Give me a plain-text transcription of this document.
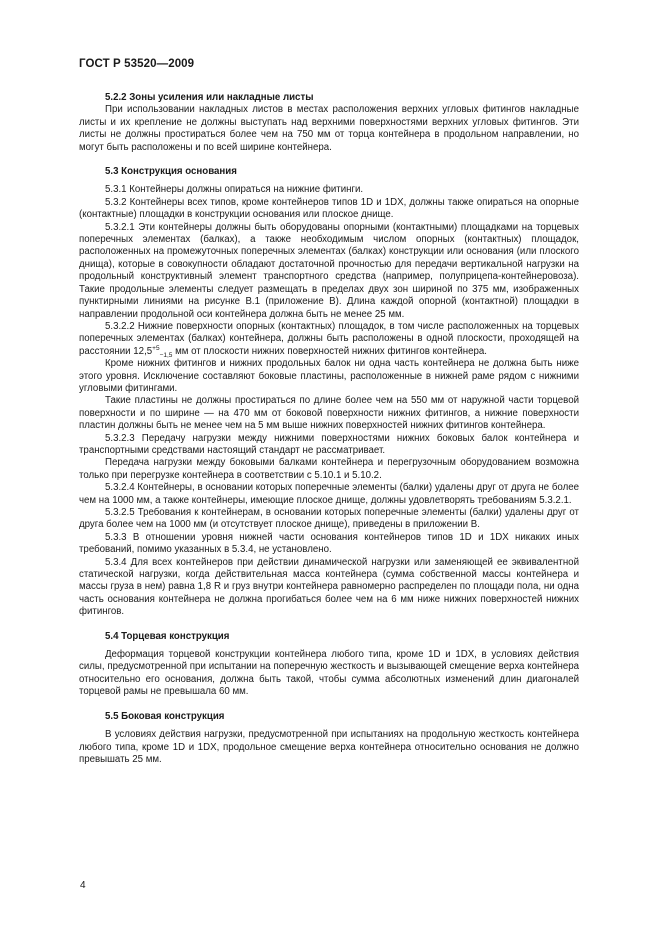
ГОСТ Р 53520—2009

5.2.2 Зоны усиления или накладные листы

При использовании накладных листов в местах расположения верхних угловых фитингов накладные листы и их крепление не должны выступать над верхними поверхностями верхних угловых фитингов. Эти листы не должны простираться более чем на 750 мм от торца контейнера в продольном направлении, но могут быть расположены и по всей ширине контейнера.

5.3 Конструкция основания

5.3.1 Контейнеры должны опираться на нижние фитинги.

5.3.2 Контейнеры всех типов, кроме контейнеров типов 1D и 1DX, должны также опираться на опорные (контактные) площадки в конструкции основания или плоское днище.

5.3.2.1 Эти контейнеры должны быть оборудованы опорными (контактными) площадками на торцевых поперечных элементах (балках), а также необходимым числом опорных (контактных) площадок, расположенных на промежуточных поперечных элементах (балках) конструкции или основания (или плоского днища), которые в совокупности обладают достаточной прочностью для передачи вертикальной нагрузки на продольный конструктивный элемент транспортного средства (например, полуприцепа-контейнеровоза). Такие продольные элементы следует размещать в пределах двух зон шириной по 375 мм, изображенных пунктирными линиями на рисунке В.1 (приложение В). Длина каждой опорной (контактной) площадки в направлении продольной оси контейнера должна быть не менее 25 мм.

5.3.2.2 Нижние поверхности опорных (контактных) площадок, в том числе расположенных на торцевых поперечных элементах (балках) контейнера, должны быть расположены в одной плоскости, проходящей на расстоянии $12,5^{+5}_{-1,5}$ мм от плоскости нижних поверхностей нижних фитингов контейнера.

Кроме нижних фитингов и нижних продольных балок ни одна часть контейнера не должна быть ниже этого уровня. Исключение составляют боковые пластины, расположенные в нижней раме рядом с нижними угловыми фитингами.

Такие пластины не должны простираться по длине более чем на 550 мм от наружной части торцевой поверхности и по ширине — на 470 мм от боковой поверхности нижних фитингов, а нижние поверхности пластин должны быть не менее чем на 5 мм выше нижних поверхностей нижних фитингов контейнера.

5.3.2.3 Передачу нагрузки между нижними поверхностями нижних боковых балок контейнера и транспортными средствами настоящий стандарт не рассматривает.

Передача нагрузки между боковыми балками контейнера и перегрузочным оборудованием возможна только при перегрузке контейнера в соответствии с 5.10.1 и 5.10.2.

5.3.2.4 Контейнеры, в основании которых поперечные элементы (балки) удалены друг от друга не более чем на 1000 мм, а также контейнеры, имеющие плоское днище, должны удовлетворять требованиям 5.3.2.1.

5.3.2.5 Требования к контейнерам, в основании которых поперечные элементы (балки) удалены друг от друга более чем на 1000 мм (и отсутствует плоское днище), приведены в приложении В.

5.3.3 В отношении уровня нижней части основания контейнеров типов 1D и 1DX никаких иных требований, помимо указанных в 5.3.4, не установлено.

5.3.4 Для всех контейнеров при действии динамической нагрузки или заменяющей ее эквивалентной статической нагрузки, когда действительная масса контейнера (сумма собственной массы контейнера и массы груза в нем) равна 1,8 R и груз внутри контейнера равномерно распределен по площади пола, ни одна часть основания контейнера не должна прогибаться более чем на 6 мм ниже нижних поверхностей нижних фитингов.

5.4 Торцевая конструкция

Деформация торцевой конструкции контейнера любого типа, кроме 1D и 1DX, в условиях действия силы, предусмотренной при испытании на поперечную жесткость и вызывающей смещение верха контейнера относительно его основания, должна быть такой, чтобы сумма абсолютных изменений длин диагоналей торцевой рамы не превышала 60 мм.

5.5 Боковая конструкция

В условиях действия нагрузки, предусмотренной при испытаниях на продольную жесткость контейнера любого типа, кроме 1D и 1DX, продольное смещение верха контейнера относительно основания не должно превышать 25 мм.

4
